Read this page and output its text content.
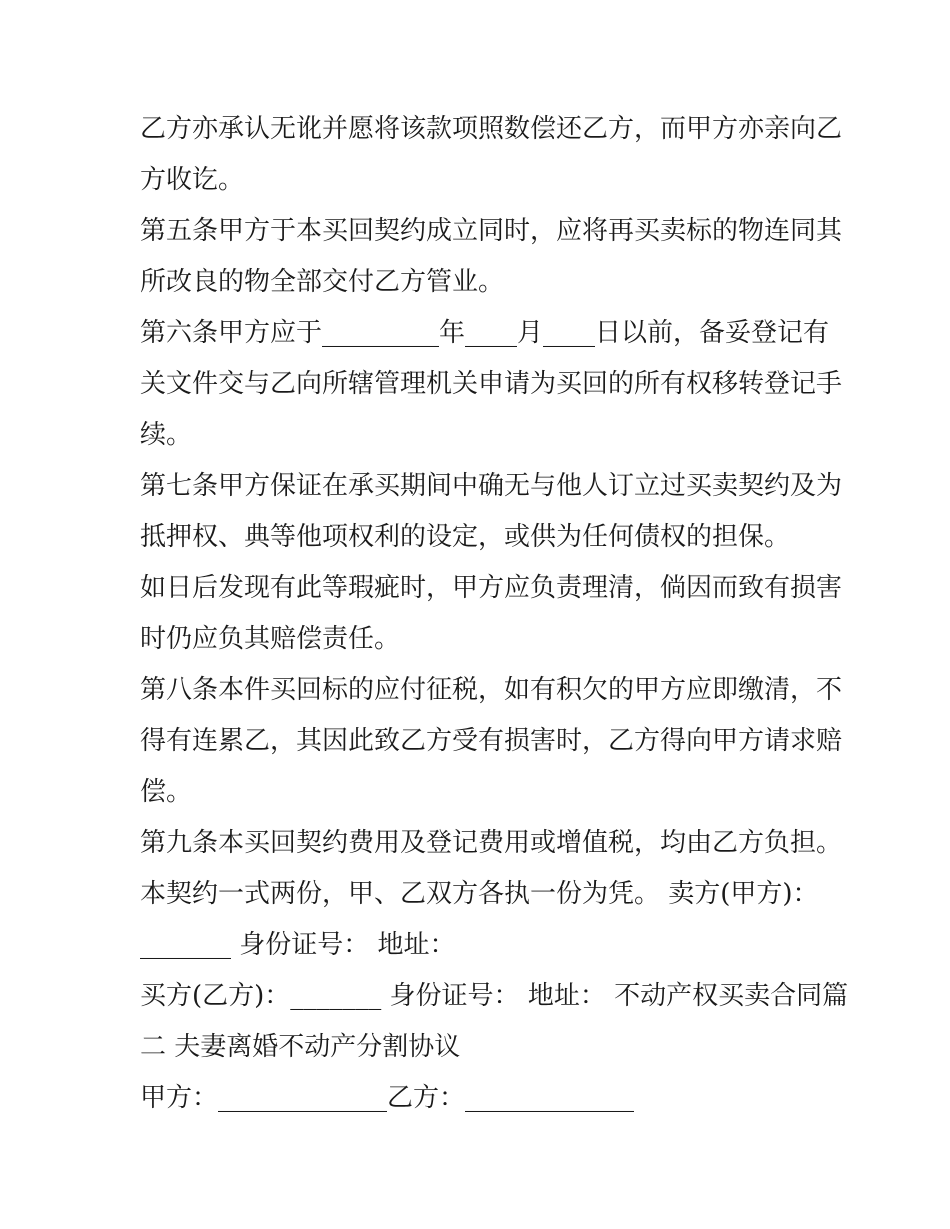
乙方亦承认无讹并愿将该款项照数偿还乙方，而甲方亦亲向乙
方收讫。
第五条甲方于本买回契约成立同时，应将再买卖标的物连同其
所改良的物全部交付乙方管业。
第六条甲方应于_________年____月____日以前，备妥登记有
关文件交与乙向所辖管理机关申请为买回的所有权移转登记手
续。
第七条甲方保证在承买期间中确无与他人订立过买卖契约及为
抵押权、典等他项权利的设定，或供为任何债权的担保。
如日后发现有此等瑕疵时，甲方应负责理清，倘因而致有损害
时仍应负其赔偿责任。
第八条本件买回标的应付征税，如有积欠的甲方应即缴清，不
得有连累乙，其因此致乙方受有损害时，乙方得向甲方请求赔
偿。
第九条本买回契约费用及登记费用或增值税，均由乙方负担。
本契约一式两份，甲、乙双方各执一份为凭。 卖方(甲方)：
_______ 身份证号： 地址：
买方(乙方)：_______ 身份证号： 地址： 不动产权买卖合同篇
二 夫妻离婚不动产分割协议
甲方：_____________乙方：_____________
